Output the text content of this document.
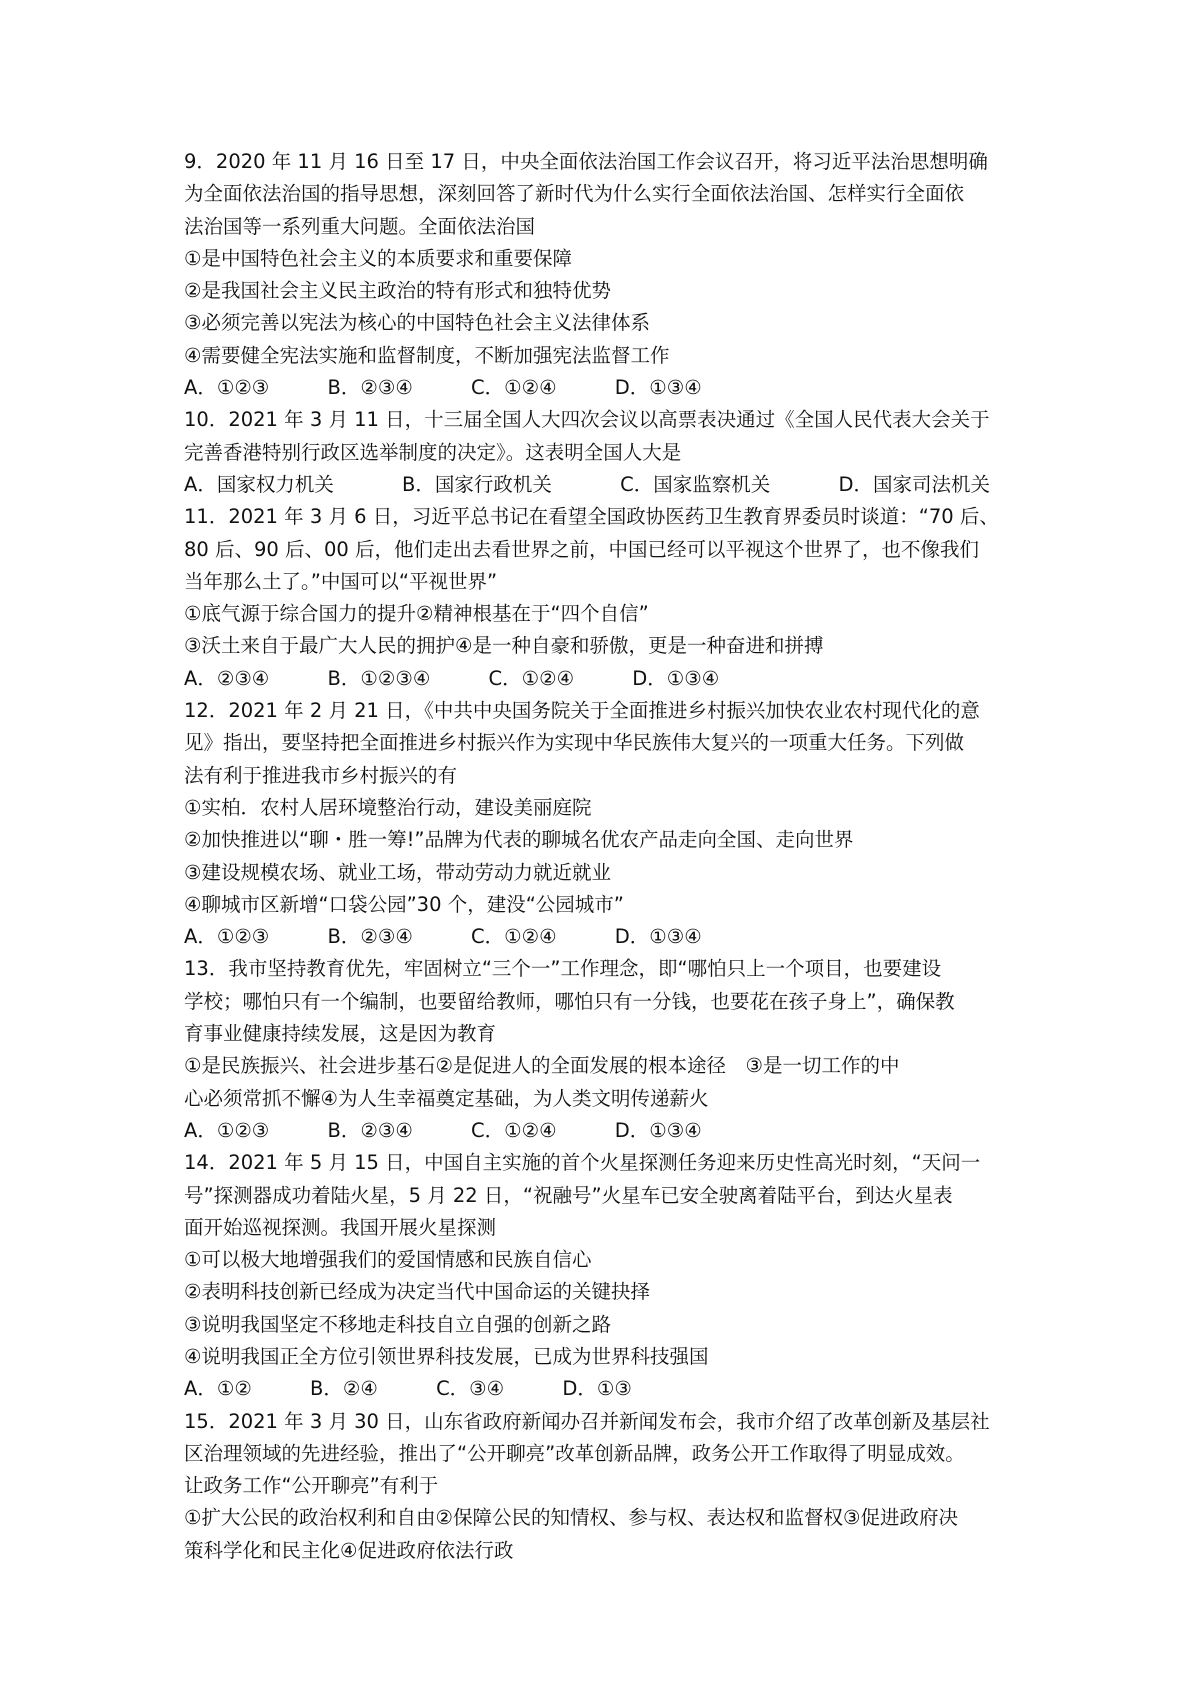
9．2020 年 11 月 16 日至 17 日，中央全面依法治国工作会议召开，将习近平法治思想明确
为全面依法治国的指导思想，深刻回答了新时代为什么实行全面依法治国、怎样实行全面依
法治国等一系列重大问题。全面依法治国
①是中国特色社会主义的本质要求和重要保障
②是我国社会主义民主政治的特有形式和独特优势
③必须完善以宪法为核心的中国特色社会主义法律体系
④需要健全宪法实施和监督制度，不断加强宪法监督工作
A．①②③	B．②③④	C．①②④	D．①③④
10．2021 年 3 月 11 日，十三届全国人大四次会议以高票表决通过《全国人民代表大会关于
完善香港特别行政区选举制度的决定》。这表明全国人大是
A．国家权力机关	B．国家行政机关	C．国家监察机关	D．国家司法机关
11．2021 年 3 月 6 日，习近平总书记在看望全国政协医药卫生教育界委员时谈道：“70 后、
80 后、90 后、00 后，他们走出去看世界之前，中国已经可以平视这个世界了，也不像我们
当年那么土了。”中国可以“平视世界”
①底气源于综合国力的提升②精神根基在于“四个自信”
③沃土来自于最广大人民的拥护④是一种自豪和骄傲，更是一种奋进和拼搏
A．②③④	B．①②③④	C．①②④	D．①③④
12．2021 年 2 月 21 日，《中共中央国务院关于全面推进乡村振兴加快农业农村现代化的意
见》指出，要坚持把全面推进乡村振兴作为实现中华民族伟大复兴的一项重大任务。下列做
法有利于推进我市乡村振兴的有
①实柏．农村人居环境整治行动，建设美丽庭院
②加快推进以“聊・胜一筹!”品牌为代表的聊城名优农产品走向全国、走向世界
③建设规模农场、就业工场，带动劳动力就近就业
④聊城市区新增“口袋公园”30 个，建没“公园城市”
A．①②③	B．②③④	C．①②④	D．①③④
13．我市坚持教育优先，牢固树立“三个一”工作理念，即“哪怕只上一个项目，也要建设
学校；哪怕只有一个编制，也要留给教师，哪怕只有一分钱，也要花在孩子身上”，确保教
育事业健康持续发展，这是因为教育
①是民族振兴、社会进步基石②是促进人的全面发展的根本途径　③是一切工作的中
心必须常抓不懈④为人生幸福奠定基础，为人类文明传递薪火
A．①②③	B．②③④	C．①②④	D．①③④
14．2021 年 5 月 15 日，中国自主实施的首个火星探测任务迎来历史性高光时刻，“天问一
号”探测器成功着陆火星，5 月 22 日，“祝融号”火星车已安全驶离着陆平台，到达火星表
面开始巡视探测。我国开展火星探测
①可以极大地增强我们的爱国情感和民族自信心
②表明科技创新已经成为决定当代中国命运的关键抉择
③说明我国坚定不移地走科技自立自强的创新之路
④说明我国正全方位引领世界科技发展，已成为世界科技强国
A．①②	B．②④	C．③④	D．①③
15．2021 年 3 月 30 日，山东省政府新闻办召并新闻发布会，我市介绍了改革创新及基层社
区治理领域的先进经验，推出了“公开聊亮”改革创新品牌，政务公开工作取得了明显成效。
让政务工作“公开聊亮”有利于
①扩大公民的政治权利和自由②保障公民的知情权、参与权、表达权和监督权③促进政府决
策科学化和民主化④促进政府依法行政
